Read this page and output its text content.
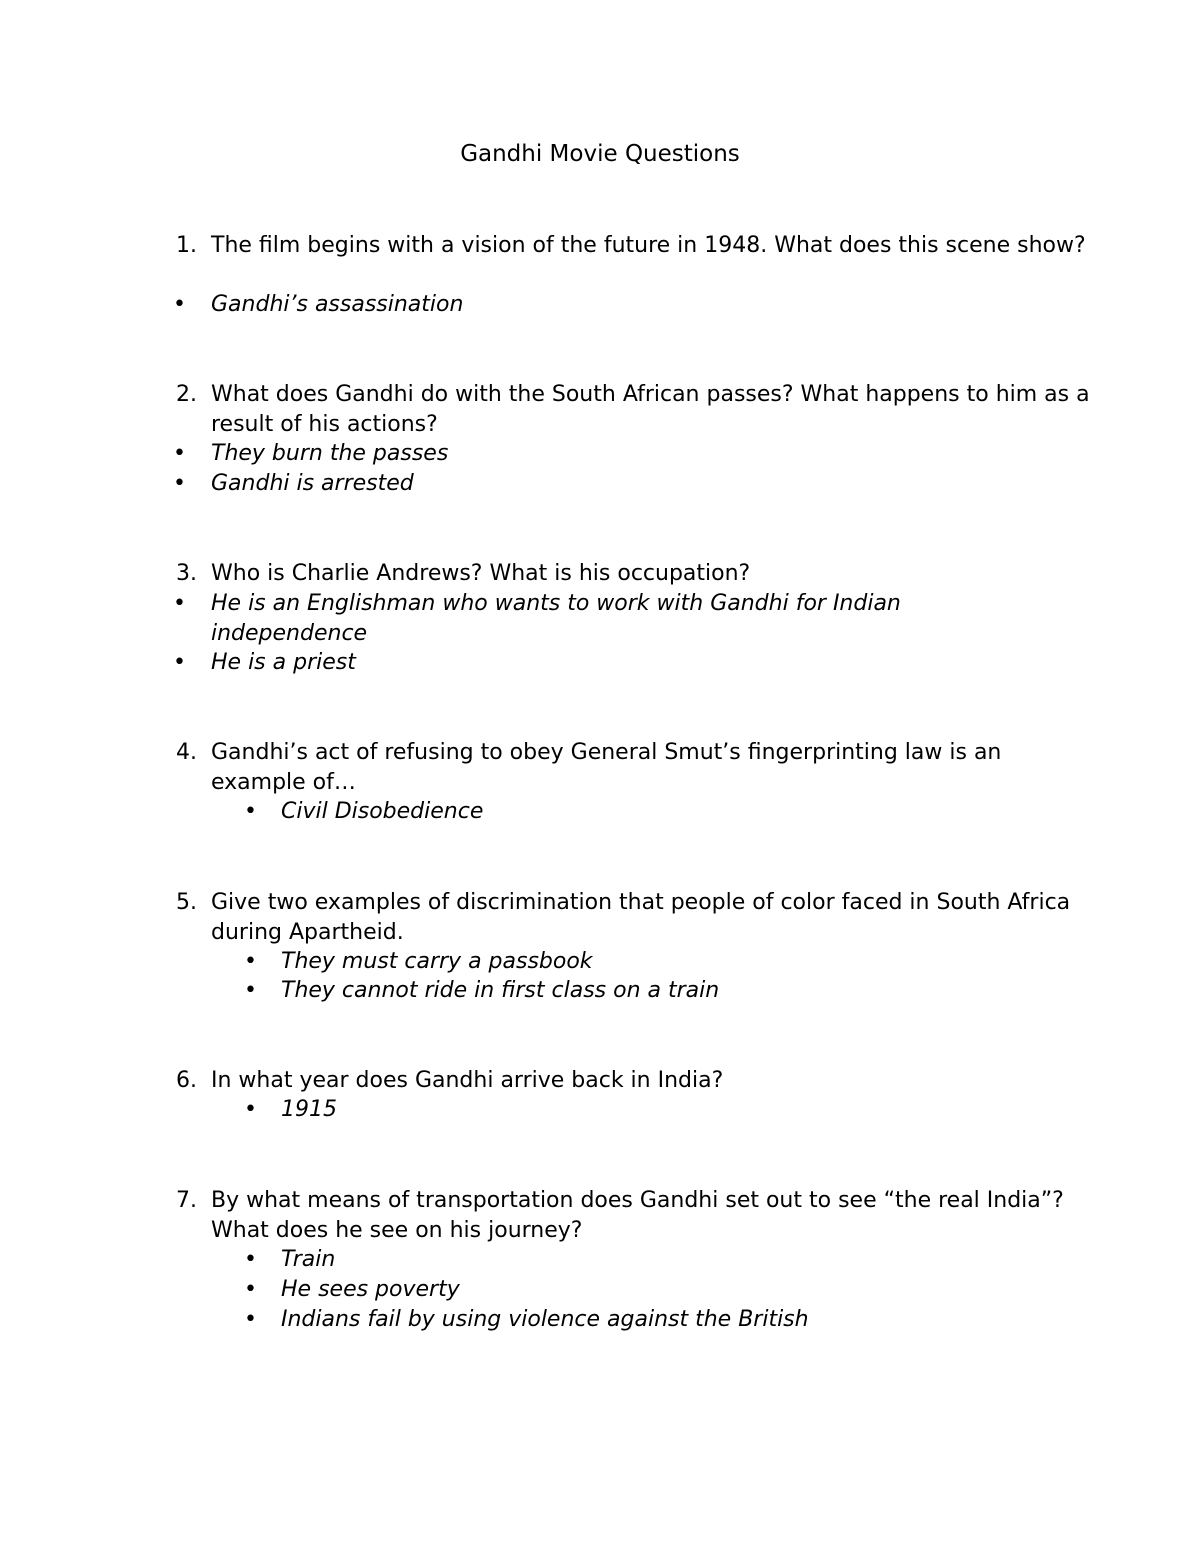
Gandhi Movie Questions
1. The film begins with a vision of the future in 1948. What does this scene show?

• Gandhi’s assassination

2. What does Gandhi do with the South African passes? What happens to him as a result of his actions?

• They burn the passes

• Gandhi is arrested

3. Who is Charlie Andrews? What is his occupation?

• He is an Englishman who wants to work with Gandhi for Indian independence

• He is a priest

4. Gandhi’s act of refusing to obey General Smut’s fingerprinting law is an example of…

• Civil Disobedience

5. Give two examples of discrimination that people of color faced in South Africa during Apartheid.

• They must carry a passbook

• They cannot ride in first class on a train

6. In what year does Gandhi arrive back in India?

• 1915

7. By what means of transportation does Gandhi set out to see “the real India”? What does he see on his journey?

• Train

• He sees poverty

• Indians fail by using violence against the British
